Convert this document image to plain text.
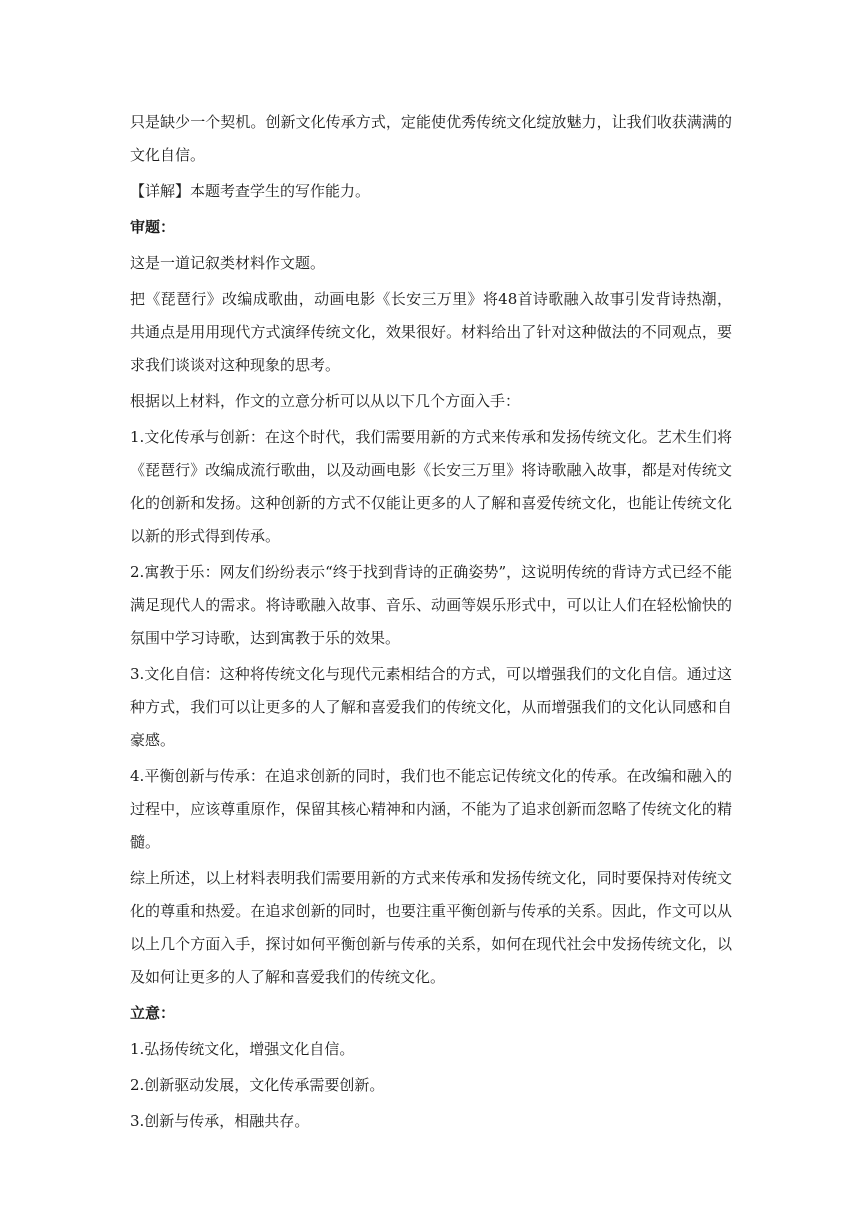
只是缺少一个契机。创新文化传承方式，定能使优秀传统文化绽放魅力，让我们收获满满的文化自信。

【详解】本题考查学生的写作能力。

审题：

这是一道记叙类材料作文题。

把《琵琶行》改编成歌曲，动画电影《长安三万里》将48首诗歌融入故事引发背诗热潮，共通点是用用现代方式演绎传统文化，效果很好。材料给出了针对这种做法的不同观点，要求我们谈谈对这种现象的思考。

根据以上材料，作文的立意分析可以从以下几个方面入手：

1.文化传承与创新：在这个时代，我们需要用新的方式来传承和发扬传统文化。艺术生们将《琵琶行》改编成流行歌曲，以及动画电影《长安三万里》将诗歌融入故事，都是对传统文化的创新和发扬。这种创新的方式不仅能让更多的人了解和喜爱传统文化，也能让传统文化以新的形式得到传承。

2.寓教于乐：网友们纷纷表示“终于找到背诗的正确姿势”，这说明传统的背诗方式已经不能满足现代人的需求。将诗歌融入故事、音乐、动画等娱乐形式中，可以让人们在轻松愉快的氛围中学习诗歌，达到寓教于乐的效果。

3.文化自信：这种将传统文化与现代元素相结合的方式，可以增强我们的文化自信。通过这种方式，我们可以让更多的人了解和喜爱我们的传统文化，从而增强我们的文化认同感和自豪感。

4.平衡创新与传承：在追求创新的同时，我们也不能忘记传统文化的传承。在改编和融入的过程中，应该尊重原作，保留其核心精神和内涵，不能为了追求创新而忽略了传统文化的精髓。

综上所述，以上材料表明我们需要用新的方式来传承和发扬传统文化，同时要保持对传统文化的尊重和热爱。在追求创新的同时，也要注重平衡创新与传承的关系。因此，作文可以从以上几个方面入手，探讨如何平衡创新与传承的关系，如何在现代社会中发扬传统文化，以及如何让更多的人了解和喜爱我们的传统文化。

立意：

1.弘扬传统文化，增强文化自信。

2.创新驱动发展，文化传承需要创新。

3.创新与传承，相融共存。
